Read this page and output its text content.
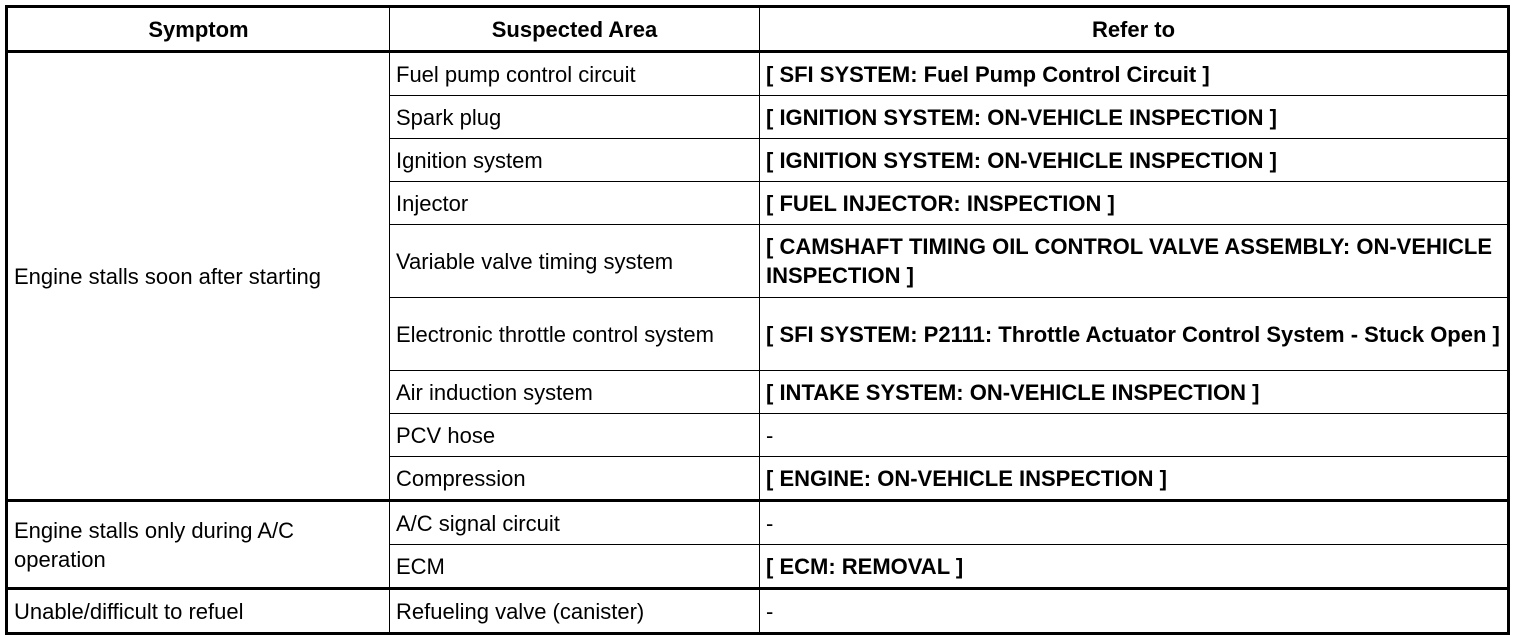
Symptom	Suspected Area	Refer to
Engine stalls soon after starting	Fuel pump control circuit	[ SFI SYSTEM: Fuel Pump Control Circuit ]
	Spark plug	[ IGNITION SYSTEM: ON-VEHICLE INSPECTION ]
	Ignition system	[ IGNITION SYSTEM: ON-VEHICLE INSPECTION ]
	Injector	[ FUEL INJECTOR: INSPECTION ]
	Variable valve timing system	[ CAMSHAFT TIMING OIL CONTROL VALVE ASSEMBLY: ON-VEHICLE INSPECTION ]
	Electronic throttle control system	[ SFI SYSTEM: P2111: Throttle Actuator Control System - Stuck Open ]
	Air induction system	[ INTAKE SYSTEM: ON-VEHICLE INSPECTION ]
	PCV hose	-
	Compression	[ ENGINE: ON-VEHICLE INSPECTION ]
Engine stalls only during A/C operation	A/C signal circuit	-
	ECM	[ ECM: REMOVAL ]
Unable/difficult to refuel	Refueling valve (canister)	-
